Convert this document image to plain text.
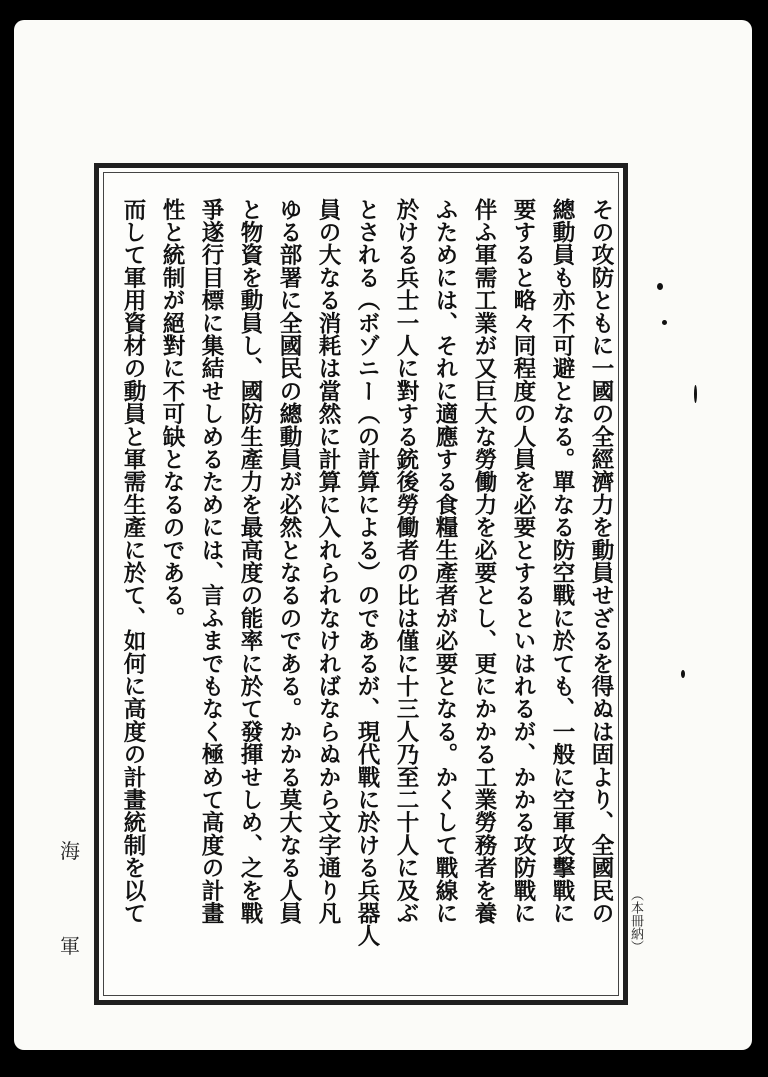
その攻防ともに一國の全經濟力を動員せざるを得ぬは固より、全國民の
總動員も亦不可避となる。單なる防空戰に於ても、一般に空軍攻擊戰に
要すると略々同程度の人員を必要とするといはれるが、かかる攻防戰に
伴ふ軍需工業が又巨大な勞働力を必要とし、更にかかる工業勞務者を養
ふためには、それに適應する食糧生產者が必要となる。かくして戰線に
於ける兵士一人に對する銃後勞働者の比は僅に十三人乃至二十人に及ぶ
とされる（ボゾニー（の計算による）のであるが、現代戰に於ける兵器人
員の大なる消耗は當然に計算に入れられなければならぬから文字通り凡
ゆる部署に全國民の總動員が必然となるのである。かかる莫大なる人員
と物資を動員し、國防生產力を最高度の能率に於て發揮せしめ、之を戰
爭遂行目標に集結せしめるためには、言ふまでもなく極めて高度の計畫
性と統制が絕對に不可缺となるのである。
而して軍用資材の動員と軍需生產に於て、如何に高度の計畫統制を以て	（本冊納）
海
軍
